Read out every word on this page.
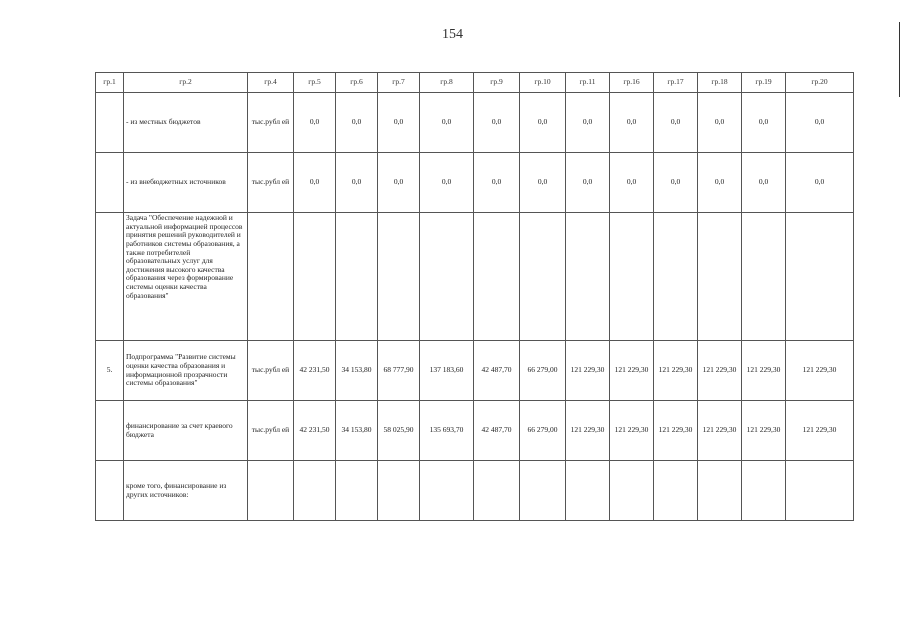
154
гр.1	гр.2	гр.4	гр.5	гр.6	гр.7	гр.8	гр.9	гр.10	гр.11	гр.16	гр.17	гр.18	гр.19	гр.20
	- из местных бюджетов	тыс.рубл ей	0,0	0,0	0,0	0,0	0,0	0,0	0,0	0,0	0,0	0,0	0,0	0,0
	- из внебюджетных источников	тыс.рубл ей	0,0	0,0	0,0	0,0	0,0	0,0	0,0	0,0	0,0	0,0	0,0	0,0
	Задача "Обеспечение надежной и актуальной информацией процессов принятия решений руководителей и работников системы образования, а также потребителей образовательных услуг для достижения высокого качества образования через формирование системы оценки качества образования"													
5.	Подпрограмма "Развитие системы оценки качества образования и информационной прозрачности системы образования"	тыс.рубл ей	42 231,50	34 153,80	68 777,90	137 183,60	42 487,70	66 279,00	121 229,30	121 229,30	121 229,30	121 229,30	121 229,30	121 229,30
	финансирование за счет краевого бюджета	тыс.рубл ей	42 231,50	34 153,80	58 025,90	135 693,70	42 487,70	66 279,00	121 229,30	121 229,30	121 229,30	121 229,30	121 229,30	121 229,30
	кроме того, финансирование из других источников:													
